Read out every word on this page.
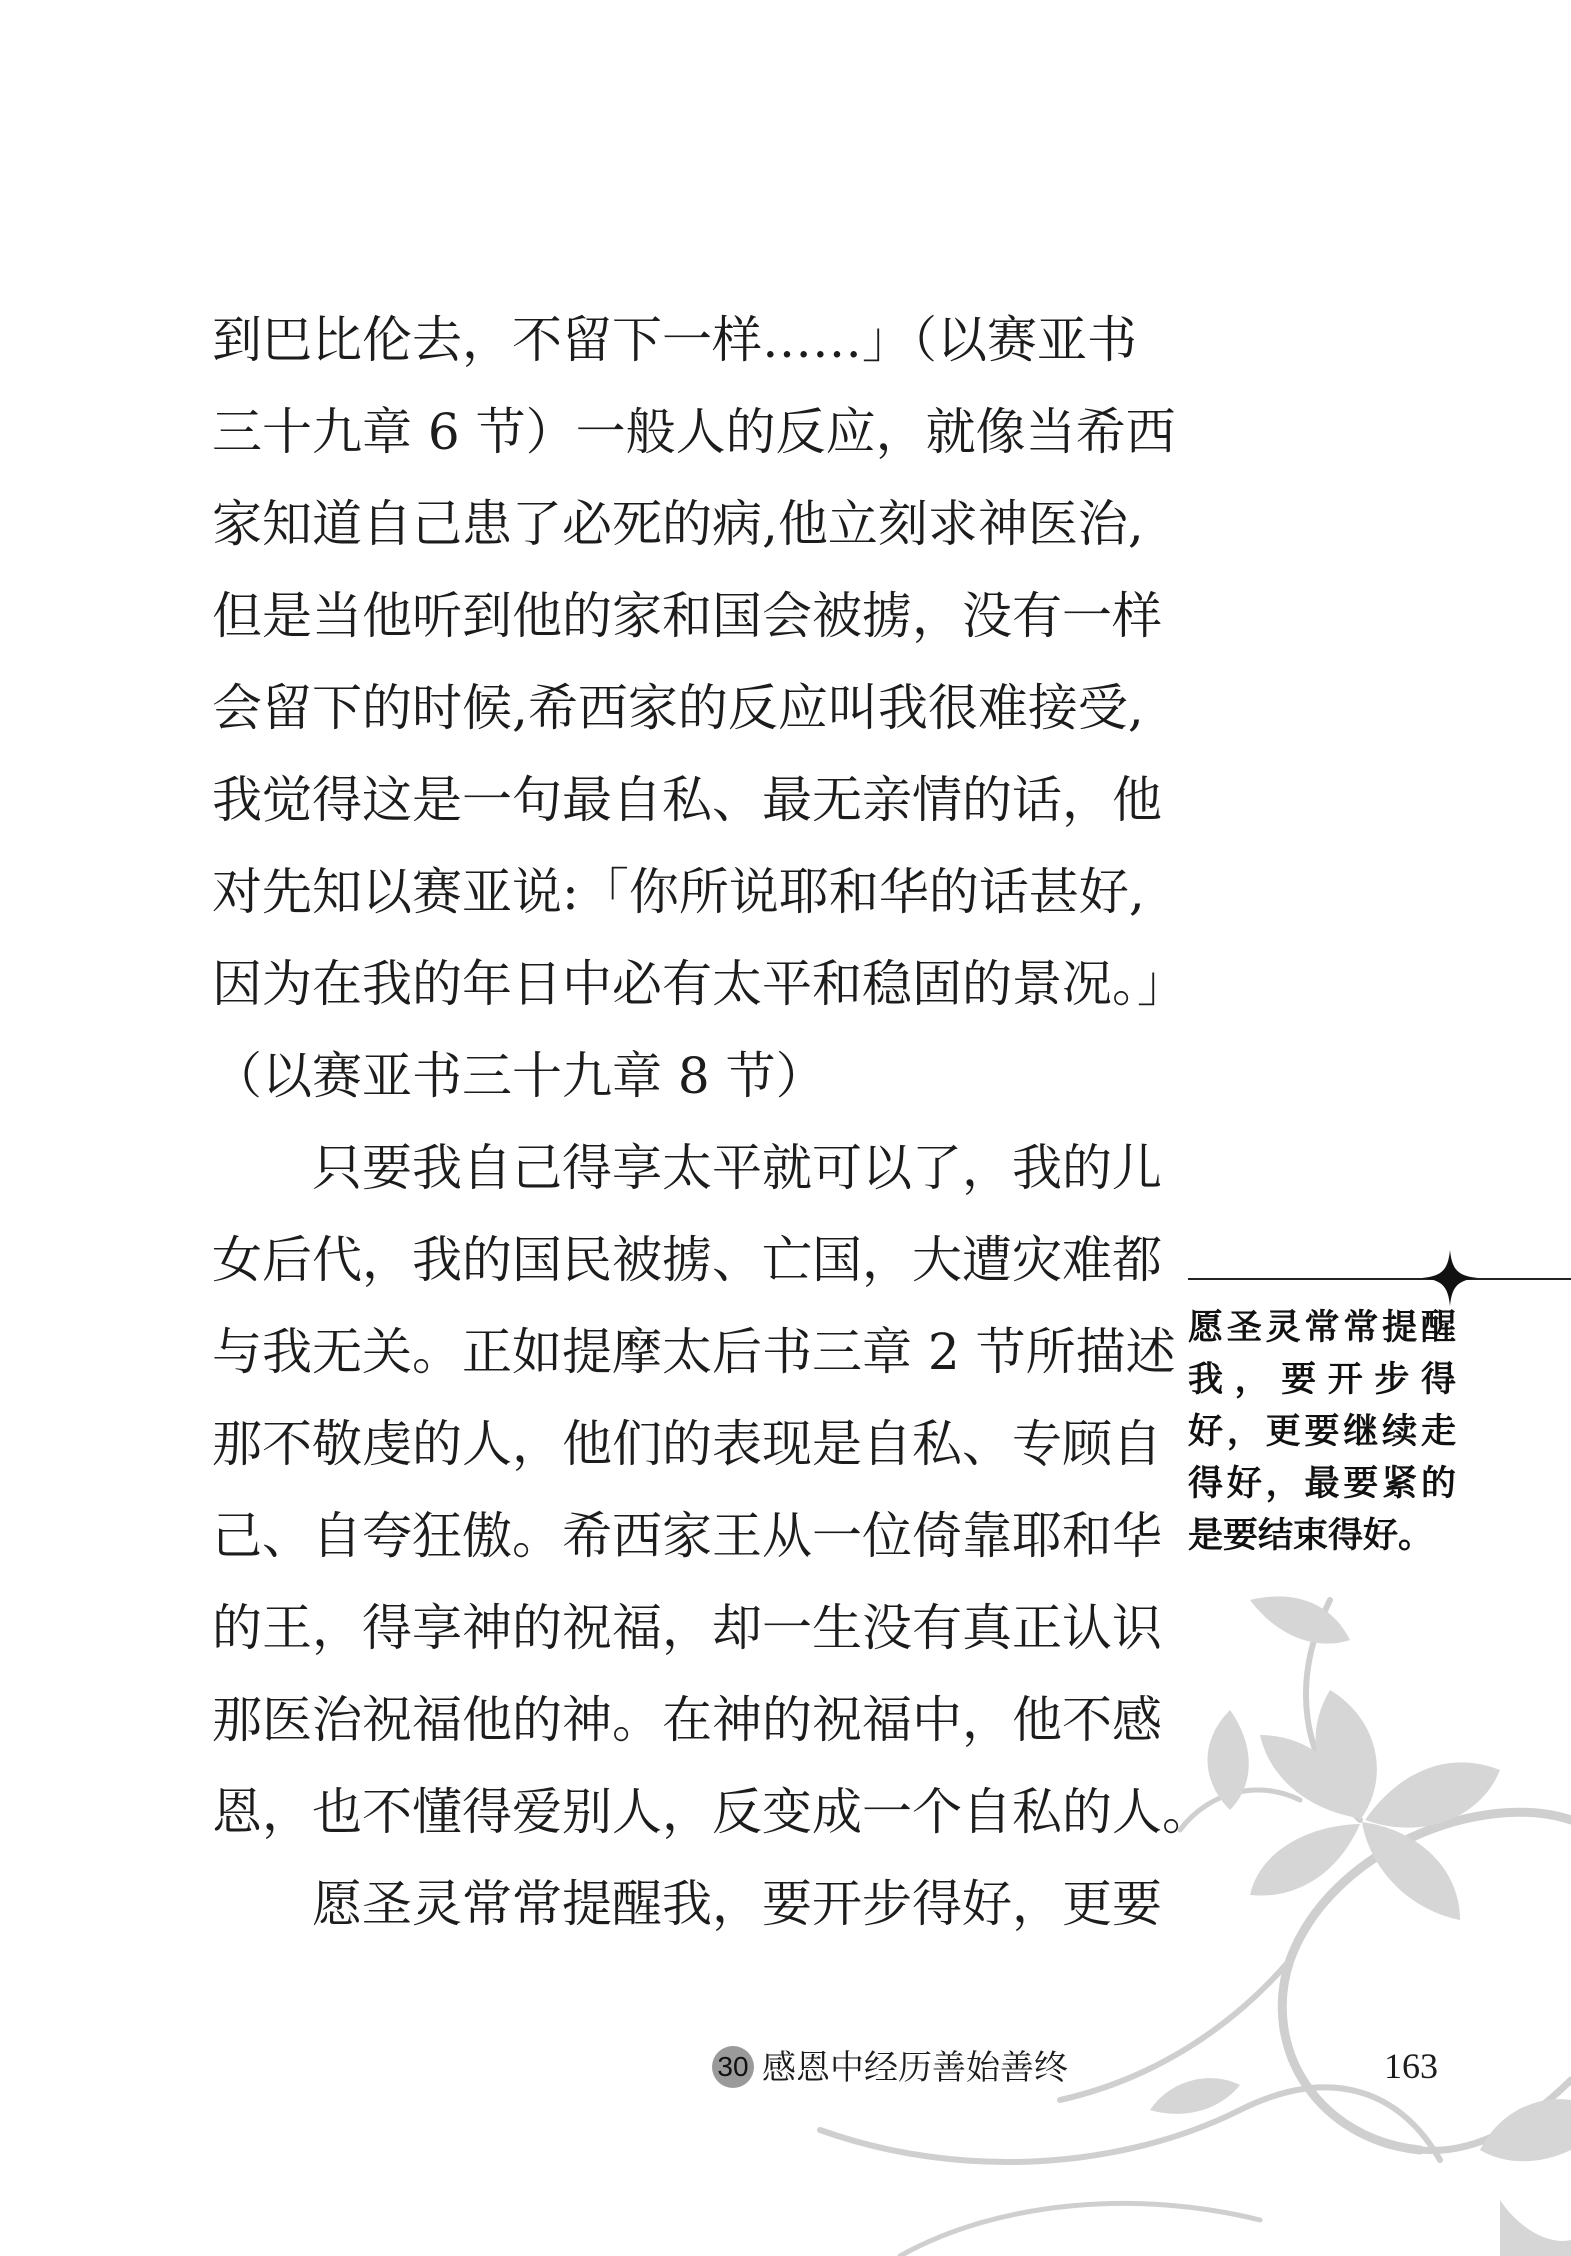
到巴比伦去，不留下一样……」（以赛亚书
三十九章 6 节）一般人的反应，就像当希西
家知道自己患了必死的病,他立刻求神医治,
但是当他听到他的家和国会被掳，没有一样
会留下的时候,希西家的反应叫我很难接受,
我觉得这是一句最自私、最无亲情的话，他
对先知以赛亚说:「你所说耶和华的话甚好,
因为在我的年日中必有太平和稳固的景况。」
（以赛亚书三十九章 8 节）
只要我自己得享太平就可以了，我的儿
女后代，我的国民被掳、亡国，大遭灾难都
与我无关。正如提摩太后书三章 2 节所描述
那不敬虔的人，他们的表现是自私、专顾自
己、自夸狂傲。希西家王从一位倚靠耶和华
的王，得享神的祝福，却一生没有真正认识
那医治祝福他的神。在神的祝福中，他不感
恩，也不懂得爱别人，反变成一个自私的人。
愿圣灵常常提醒我，要开步得好，更要
愿圣灵常常提醒
我，要开步得
好，更要继续走
得好，最要紧的
是要结束得好。
30 感恩中经历善始善终	163
